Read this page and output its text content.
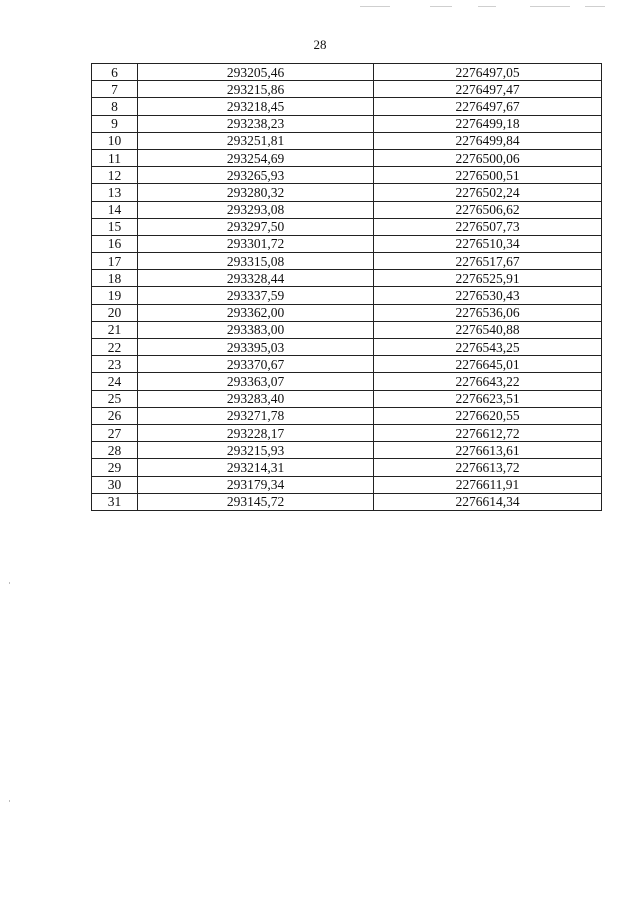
28
6	293205,46	2276497,05
7	293215,86	2276497,47
8	293218,45	2276497,67
9	293238,23	2276499,18
10	293251,81	2276499,84
11	293254,69	2276500,06
12	293265,93	2276500,51
13	293280,32	2276502,24
14	293293,08	2276506,62
15	293297,50	2276507,73
16	293301,72	2276510,34
17	293315,08	2276517,67
18	293328,44	2276525,91
19	293337,59	2276530,43
20	293362,00	2276536,06
21	293383,00	2276540,88
22	293395,03	2276543,25
23	293370,67	2276645,01
24	293363,07	2276643,22
25	293283,40	2276623,51
26	293271,78	2276620,55
27	293228,17	2276612,72
28	293215,93	2276613,61
29	293214,31	2276613,72
30	293179,34	2276611,91
31	293145,72	2276614,34
